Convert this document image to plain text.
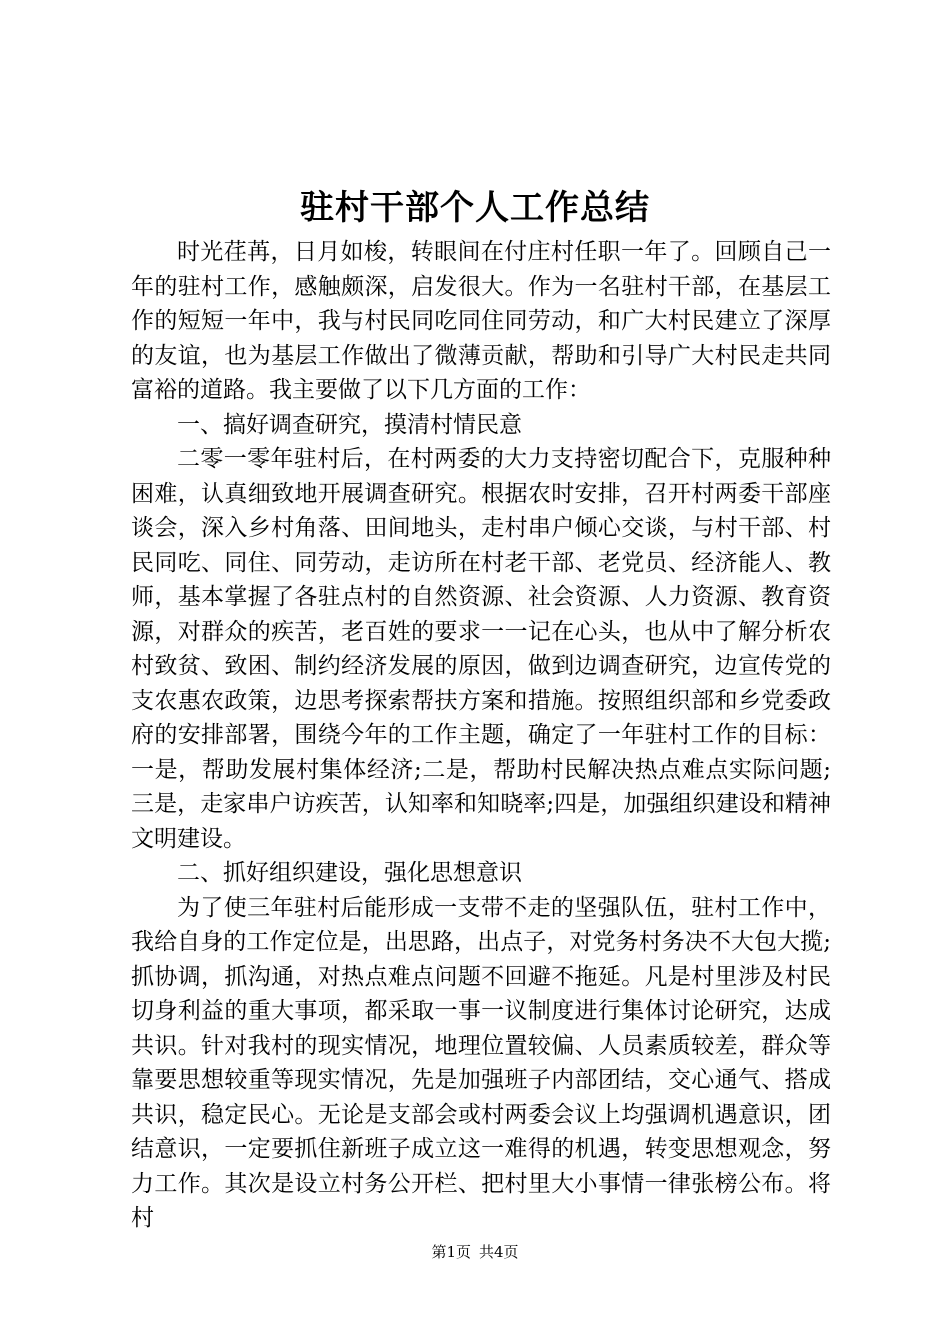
驻村干部个人工作总结

时光荏苒，日月如梭，转眼间在付庄村任职一年了。回顾自己一年的驻村工作，感触颇深，启发很大。作为一名驻村干部，在基层工作的短短一年中，我与村民同吃同住同劳动，和广大村民建立了深厚的友谊，也为基层工作做出了微薄贡献，帮助和引导广大村民走共同富裕的道路。我主要做了以下几方面的工作：

一、搞好调查研究，摸清村情民意

二零一零年驻村后，在村两委的大力支持密切配合下，克服种种困难，认真细致地开展调查研究。根据农时安排，召开村两委干部座谈会，深入乡村角落、田间地头，走村串户倾心交谈，与村干部、村民同吃、同住、同劳动，走访所在村老干部、老党员、经济能人、教师，基本掌握了各驻点村的自然资源、社会资源、人力资源、教育资源，对群众的疾苦，老百姓的要求一一记在心头，也从中了解分析农村致贫、致困、制约经济发展的原因，做到边调查研究，边宣传党的支农惠农政策，边思考探索帮扶方案和措施。按照组织部和乡党委政府的安排部署，围绕今年的工作主题，确定了一年驻村工作的目标：一是，帮助发展村集体经济;二是，帮助村民解决热点难点实际问题;三是，走家串户访疾苦，认知率和知晓率;四是，加强组织建设和精神文明建设。

二、抓好组织建设，强化思想意识

为了使三年驻村后能形成一支带不走的坚强队伍，驻村工作中，我给自身的工作定位是，出思路，出点子，对党务村务决不大包大揽;抓协调，抓沟通，对热点难点问题不回避不拖延。凡是村里涉及村民切身利益的重大事项，都采取一事一议制度进行集体讨论研究，达成共识。针对我村的现实情况，地理位置较偏、人员素质较差，群众等靠要思想较重等现实情况，先是加强班子内部团结，交心通气、搭成共识，稳定民心。无论是支部会或村两委会议上均强调机遇意识，团结意识，一定要抓住新班子成立这一难得的机遇，转变思想观念，努力工作。其次是设立村务公开栏、把村里大小事情一律张榜公布。将村

第1页 共4页
